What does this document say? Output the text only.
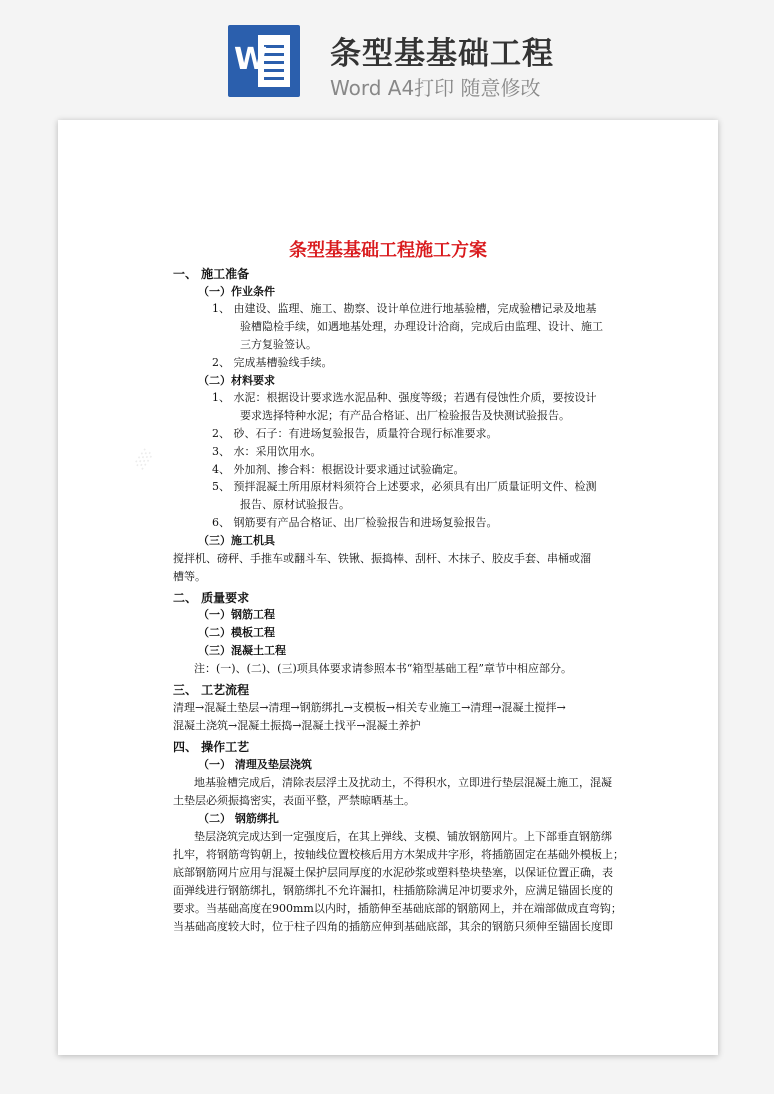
W 条型基基础工程
Word A4打印 随意修改
░
条型基基础工程施工方案
一、 施工准备
（一）作业条件
1、 由建设、监理、施工、勘察、设计单位进行地基验槽，完成验槽记录及地基
验槽隐检手续，如遇地基处理，办理设计洽商，完成后由监理、设计、施工
三方复验签认。
2、 完成基槽验线手续。
（二）材料要求
1、 水泥：根据设计要求选水泥品种、强度等级；若遇有侵蚀性介质，要按设计
要求选择特种水泥；有产品合格证、出厂检验报告及快测试验报告。
2、 砂、石子：有进场复验报告，质量符合现行标准要求。
3、 水：采用饮用水。
4、 外加剂、掺合料：根据设计要求通过试验确定。
5、 预拌混凝土所用原材料须符合上述要求，必须具有出厂质量证明文件、检测
报告、原材试验报告。
6、 钢筋要有产品合格证、出厂检验报告和进场复验报告。
（三）施工机具
搅拌机、磅秤、手推车或翻斗车、铁锹、振捣棒、刮杆、木抹子、胶皮手套、串桶或溜
槽等。
二、 质量要求
（一）钢筋工程
（二）模板工程
（三）混凝土工程
注：(一)、(二)、(三)项具体要求请参照本书“箱型基础工程”章节中相应部分。
三、 工艺流程
清理→混凝土垫层→清理→钢筋绑扎→支模板→相关专业施工→清理→混凝土搅拌→
混凝土浇筑→混凝土振捣→混凝土找平→混凝土养护
四、 操作工艺
（一） 清理及垫层浇筑
地基验槽完成后，清除表层浮土及扰动土，不得积水，立即进行垫层混凝土施工，混凝
土垫层必须振捣密实，表面平整，严禁晾晒基土。
（二） 钢筋绑扎
垫层浇筑完成达到一定强度后，在其上弹线、支模、铺放钢筋网片。上下部垂直钢筋绑
扎牢，将钢筋弯钩朝上，按轴线位置校核后用方木架成井字形，将插筋固定在基础外模板上；
底部钢筋网片应用与混凝土保护层同厚度的水泥砂浆或塑料垫块垫塞，以保证位置正确，表
面弹线进行钢筋绑扎，钢筋绑扎不允许漏扣，柱插筋除满足冲切要求外，应满足锚固长度的
要求。当基础高度在900mm以内时，插筋伸至基础底部的钢筋网上，并在端部做成直弯钩；
当基础高度较大时，位于柱子四角的插筋应伸到基础底部，其余的钢筋只须伸至锚固长度即
